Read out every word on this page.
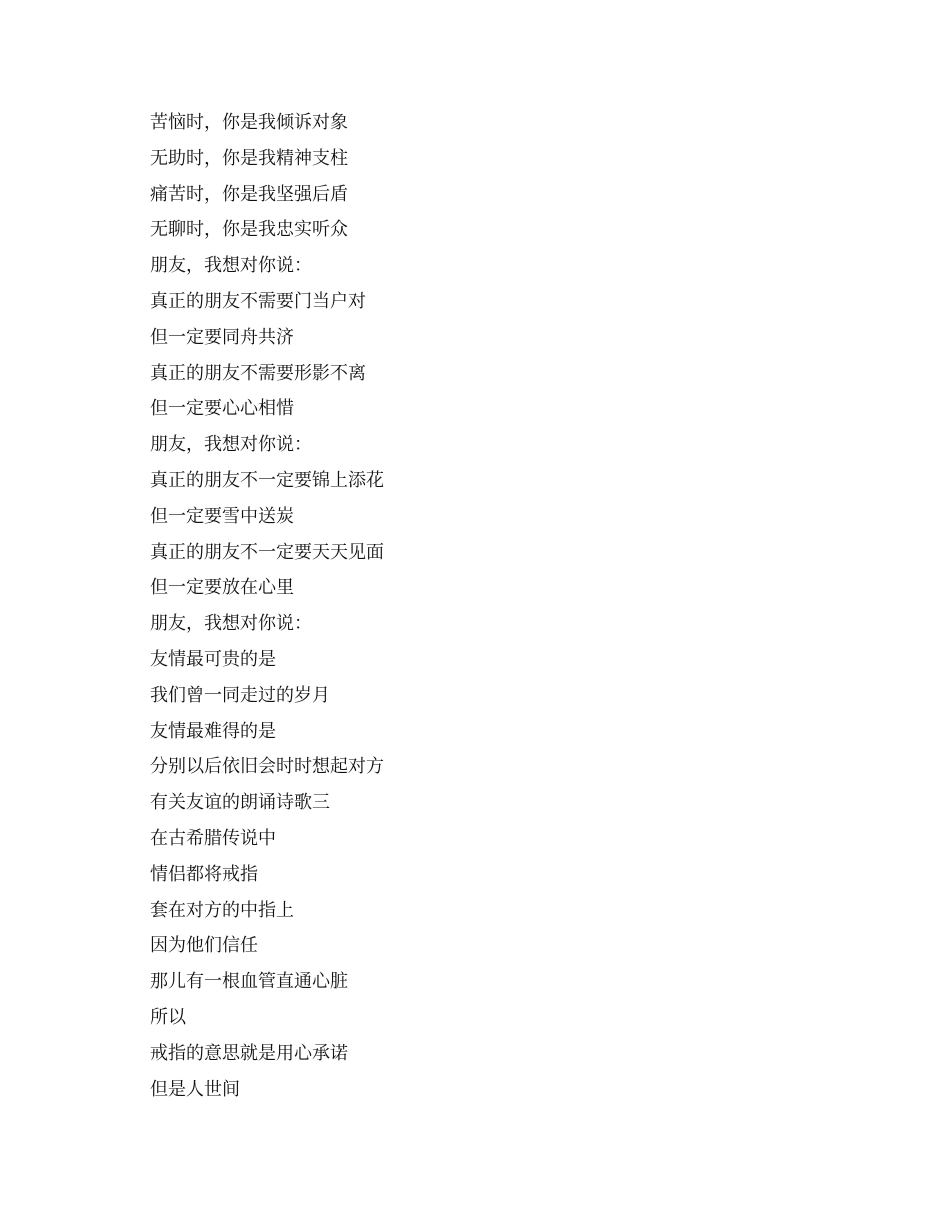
苦恼时，你是我倾诉对象
无助时，你是我精神支柱
痛苦时，你是我坚强后盾
无聊时，你是我忠实听众
朋友，我想对你说：
真正的朋友不需要门当户对
但一定要同舟共济
真正的朋友不需要形影不离
但一定要心心相惜
朋友，我想对你说：
真正的朋友不一定要锦上添花
但一定要雪中送炭
真正的朋友不一定要天天见面
但一定要放在心里
朋友，我想对你说：
友情最可贵的是
我们曾一同走过的岁月
友情最难得的是
分别以后依旧会时时想起对方
有关友谊的朗诵诗歌三
在古希腊传说中
情侣都将戒指
套在对方的中指上
因为他们信任
那儿有一根血管直通心脏
所以
戒指的意思就是用心承诺
但是人世间
